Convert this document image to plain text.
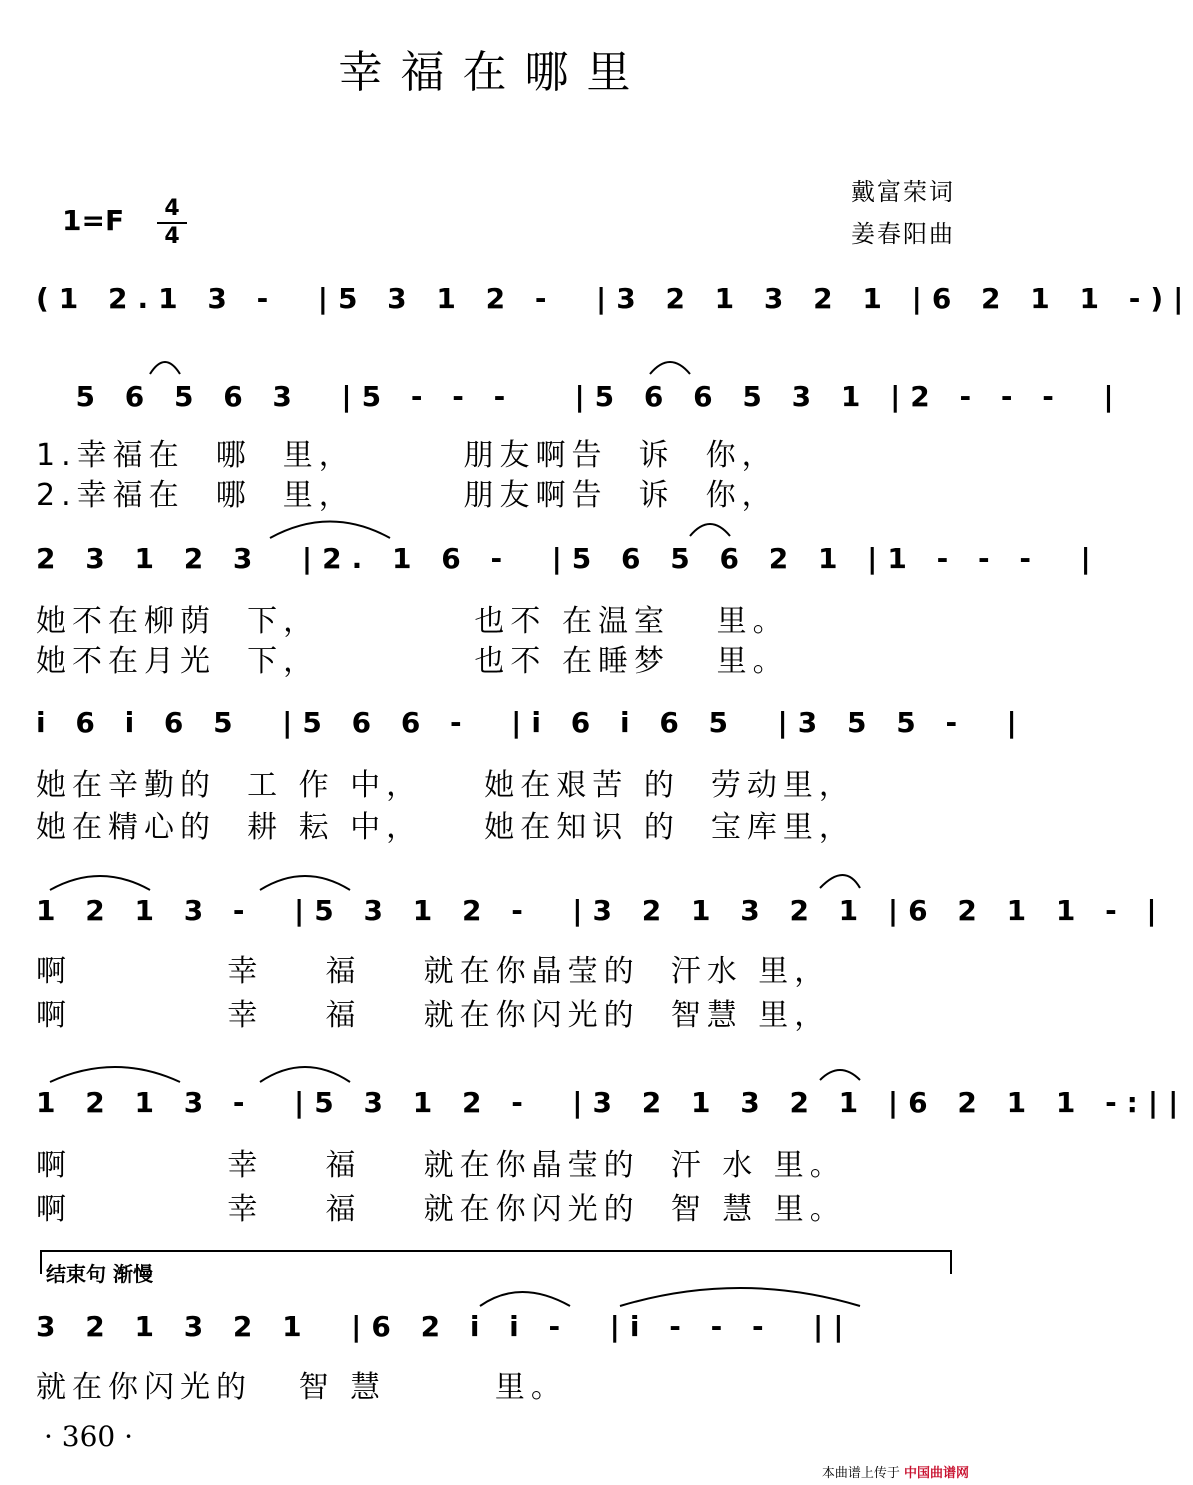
幸福在哪里
戴富荣词
姜春阳曲
1=F	4
4
(1 2.1 3 -  |5 3 1 2 -  |3 2 1 3 2 1 |6 2 1 1 -)|
5 6 5 6 3  |5 - - -   |5 6 6 5 3 1 |2 - - -  |
1.幸福在  哪  里，       朋友啊告  诉  你，
2.幸福在  哪  里，       朋友啊告  诉  你，
2 3 1 2 3  |2. 1 6 -  |5 6 5 6 2 1 |1 - - -  |
她不在柳荫  下，          也不 在温室   里。
她不在月光  下，          也不 在睡梦   里。
i 6 i 6 5  |5 6 6 -  |i 6 i 6 5  |3 5 5 -  |
她在辛勤的  工 作 中，    她在艰苦 的  劳动里，
她在精心的  耕 耘 中，    她在知识 的  宝库里，
1 2 1 3 -  |5 3 1 2 -  |3 2 1 3 2 1 |6 2 1 1 - |
啊          幸    福    就在你晶莹的  汗水 里，
啊          幸    福    就在你闪光的  智慧 里，
1 2 1 3 -  |5 3 1 2 -  |3 2 1 3 2 1 |6 2 1 1 -:||
啊          幸    福    就在你晶莹的  汗 水 里。
啊          幸    福    就在你闪光的  智 慧 里。
结束句 渐慢
3 2 1 3 2 1  |6 2 i i -  |i - - -  ||
就在你闪光的   智 慧       里。
· 360 ·
本曲谱上传于 中国曲谱网
